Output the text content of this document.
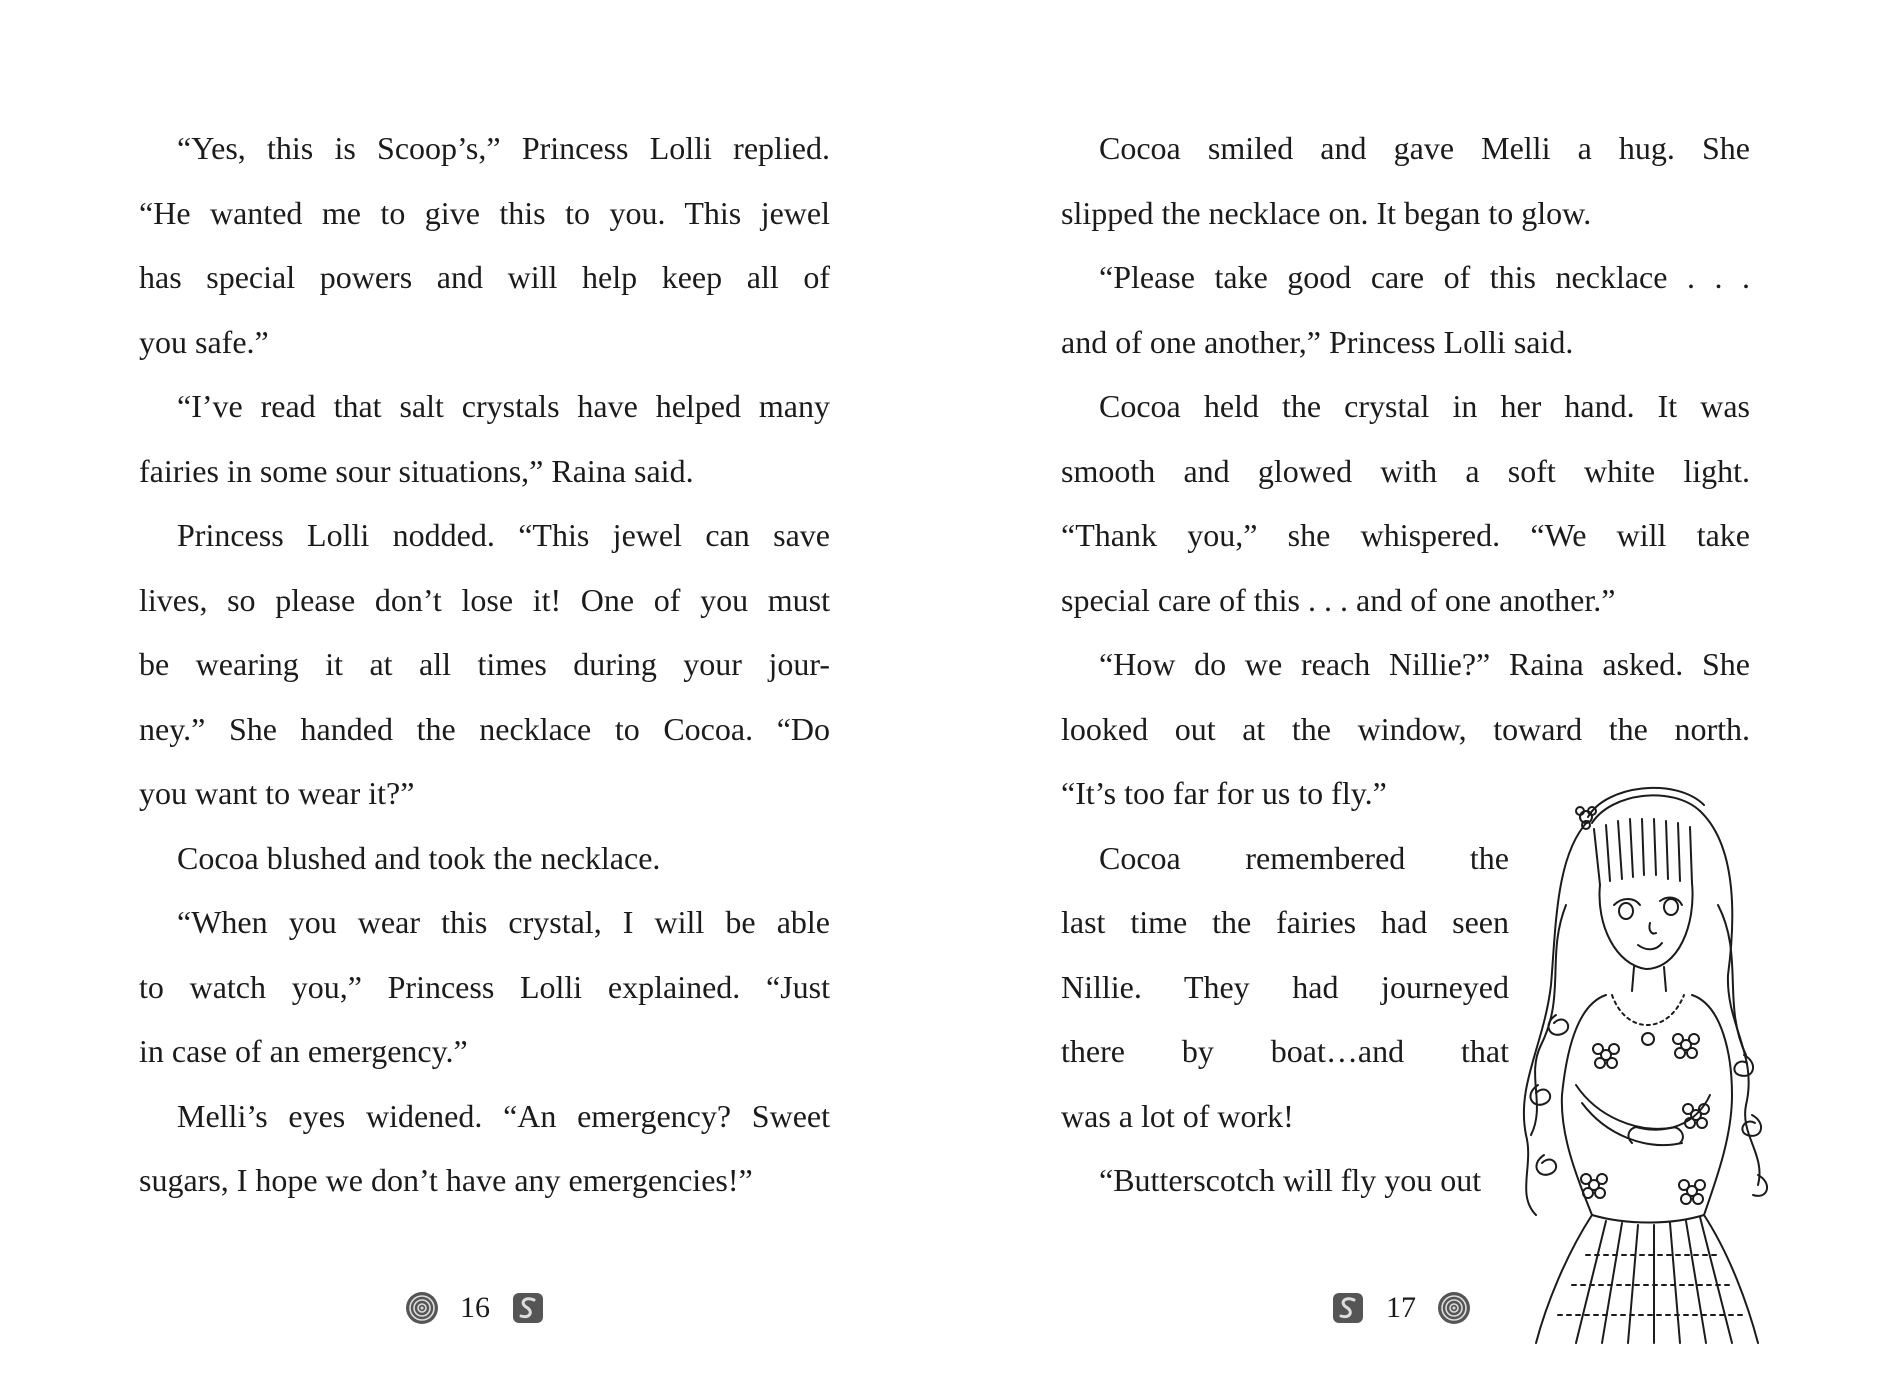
“Yes, this is Scoop’s,” Princess Lolli replied.
“He wanted me to give this to you. This jewel
has special powers and will help keep all of
you safe.”
“I’ve read that salt crystals have helped many
fairies in some sour situations,” Raina said.
Princess Lolli nodded. “This jewel can save
lives, so please don’t lose it! One of you must
be wearing it at all times during your jour-
ney.” She handed the necklace to Cocoa. “Do
you want to wear it?”
Cocoa blushed and took the necklace.
“When you wear this crystal, I will be able
to watch you,” Princess Lolli explained. “Just
in case of an emergency.”
Melli’s eyes widened. “An emergency? Sweet
sugars, I hope we don’t have any emergencies!”
16
Cocoa smiled and gave Melli a hug. She
slipped the necklace on. It began to glow.
“Please take good care of this necklace . . .
and of one another,” Princess Lolli said.
Cocoa held the crystal in her hand. It was
smooth and glowed with a soft white light.
“Thank you,” she whispered. “We will take
special care of this . . . and of one another.”
“How do we reach Nillie?” Raina asked. She
looked out at the window, toward the north.
“It’s too far for us to fly.”
Cocoa remembered the
last time the fairies had seen
Nillie. They had journeyed
there by boat…and that
was a lot of work!
“Butterscotch will fly you out
17
